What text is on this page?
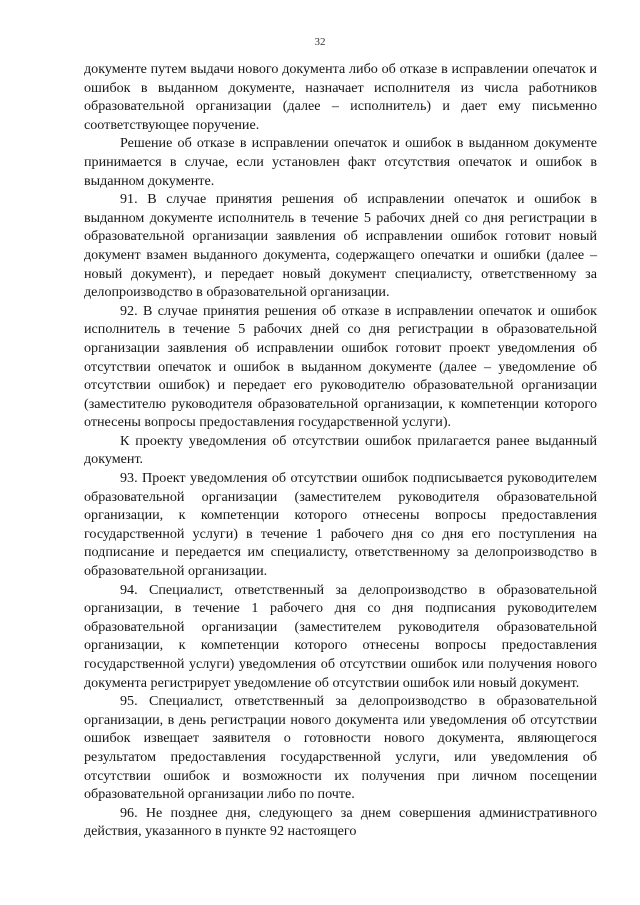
32

документе путем выдачи нового документа либо об отказе в исправлении опечаток и ошибок в выданном документе, назначает исполнителя из числа работников образовательной организации (далее – исполнитель) и дает ему письменно соответствующее поручение.

Решение об отказе в исправлении опечаток и ошибок в выданном документе принимается в случае, если установлен факт отсутствия опечаток и ошибок в выданном документе.

91. В случае принятия решения об исправлении опечаток и ошибок в выданном документе исполнитель в течение 5 рабочих дней со дня регистрации в образовательной организации заявления об исправлении ошибок готовит новый документ взамен выданного документа, содержащего опечатки и ошибки (далее – новый документ), и передает новый документ специалисту, ответственному за делопроизводство в образовательной организации.

92. В случае принятия решения об отказе в исправлении опечаток и ошибок исполнитель в течение 5 рабочих дней со дня регистрации в образовательной организации заявления об исправлении ошибок готовит проект уведомления об отсутствии опечаток и ошибок в выданном документе (далее – уведомление об отсутствии ошибок) и передает его руководителю образовательной организации (заместителю руководителя образовательной организации, к компетенции которого отнесены вопросы предоставления государственной услуги).

К проекту уведомления об отсутствии ошибок прилагается ранее выданный документ.

93. Проект уведомления об отсутствии ошибок подписывается руководителем образовательной организации (заместителем руководителя образовательной организации, к компетенции которого отнесены вопросы предоставления государственной услуги) в течение 1 рабочего дня со дня его поступления на подписание и передается им специалисту, ответственному за делопроизводство в образовательной организации.

94. Специалист, ответственный за делопроизводство в образовательной организации, в течение 1 рабочего дня со дня подписания руководителем образовательной организации (заместителем руководителя образовательной организации, к компетенции которого отнесены вопросы предоставления государственной услуги) уведомления об отсутствии ошибок или получения нового документа регистрирует уведомление об отсутствии ошибок или новый документ.

95. Специалист, ответственный за делопроизводство в образовательной организации, в день регистрации нового документа или уведомления об отсутствии ошибок извещает заявителя о готовности нового документа, являющегося результатом предоставления государственной услуги, или уведомления об отсутствии ошибок и возможности их получения при личном посещении образовательной организации либо по почте.

96. Не позднее дня, следующего за днем совершения административного действия, указанного в пункте 92 настоящего
